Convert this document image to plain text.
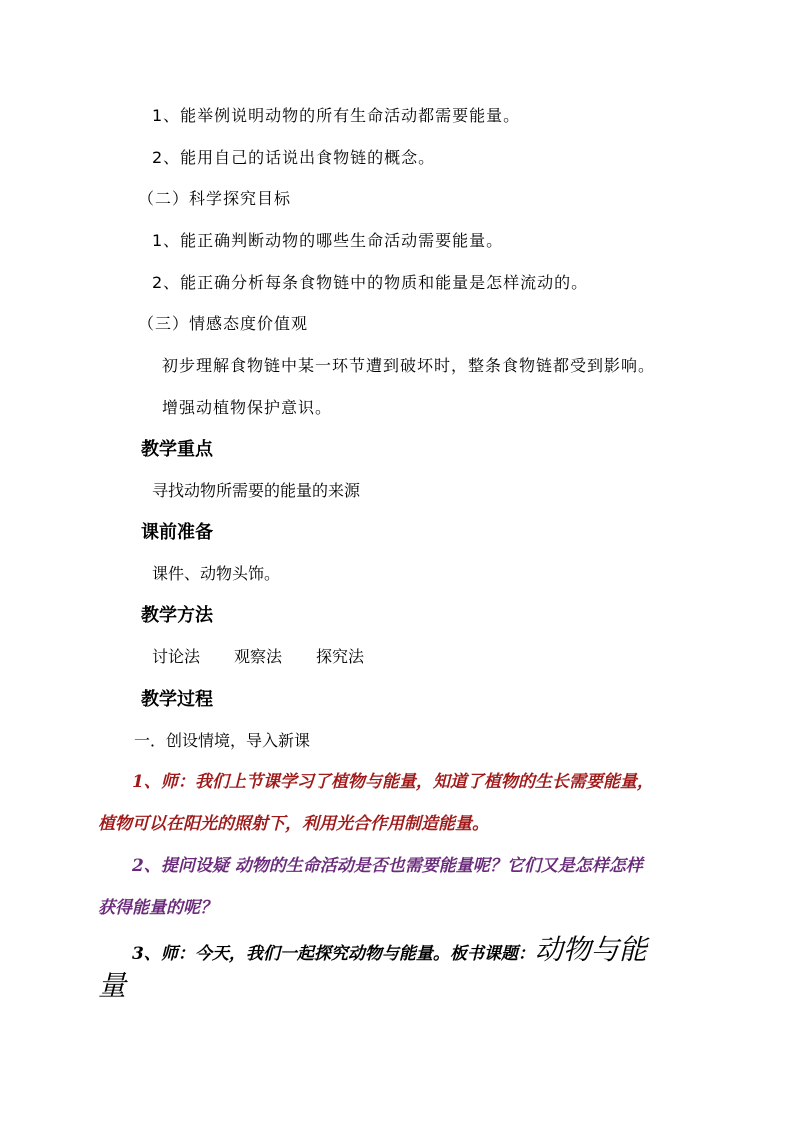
1、能举例说明动物的所有生命活动都需要能量。
2、能用自己的话说出食物链的概念。
（二）科学探究目标
1、能正确判断动物的哪些生命活动需要能量。
2、能正确分析每条食物链中的物质和能量是怎样流动的。
（三）情感态度价值观
初步理解食物链中某一环节遭到破坏时，整条食物链都受到影响。
增强动植物保护意识。
教学重点
寻找动物所需要的能量的来源
课前准备
课件、动物头饰。
教学方法
讨论法 观察法 探究法
教学过程
一．创设情境，导入新课
1、师：我们上节课学习了植物与能量，知道了植物的生长需要能量，
植物可以在阳光的照射下，利用光合作用制造能量。
2、提问设疑 动物的生命活动是否也需要能量呢？它们又是怎样怎样
获得能量的呢？
3、师：今天，我们一起探究动物与能量。板书课题：动物与能
量
